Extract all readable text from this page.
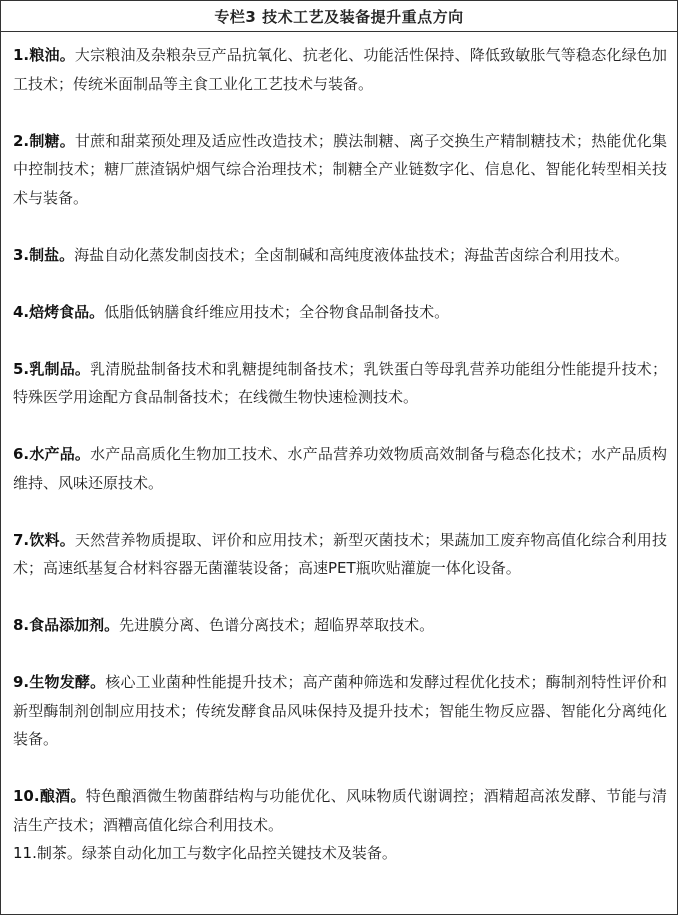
专栏3 技术工艺及装备提升重点方向

1.粮油。大宗粮油及杂粮杂豆产品抗氧化、抗老化、功能活性保持、降低致敏胀气等稳态化绿色加工技术；传统米面制品等主食工业化工艺技术与装备。

2.制糖。甘蔗和甜菜预处理及适应性改造技术；膜法制糖、离子交换生产精制糖技术；热能优化集中控制技术；糖厂蔗渣锅炉烟气综合治理技术；制糖全产业链数字化、信息化、智能化转型相关技术与装备。

3.制盐。海盐自动化蒸发制卤技术；全卤制碱和高纯度液体盐技术；海盐苦卤综合利用技术。

4.焙烤食品。低脂低钠膳食纤维应用技术；全谷物食品制备技术。

5.乳制品。乳清脱盐制备技术和乳糖提纯制备技术；乳铁蛋白等母乳营养功能组分性能提升技术；特殊医学用途配方食品制备技术；在线微生物快速检测技术。

6.水产品。水产品高质化生物加工技术、水产品营养功效物质高效制备与稳态化技术；水产品质构维持、风味还原技术。

7.饮料。天然营养物质提取、评价和应用技术；新型灭菌技术；果蔬加工废弃物高值化综合利用技术；高速纸基复合材料容器无菌灌装设备；高速PET瓶吹贴灌旋一体化设备。

8.食品添加剂。先进膜分离、色谱分离技术；超临界萃取技术。

9.生物发酵。核心工业菌种性能提升技术；高产菌种筛选和发酵过程优化技术；酶制剂特性评价和新型酶制剂创制应用技术；传统发酵食品风味保持及提升技术；智能生物反应器、智能化分离纯化装备。

10.酿酒。特色酿酒微生物菌群结构与功能优化、风味物质代谢调控；酒精超高浓发酵、节能与清洁生产技术；酒糟高值化综合利用技术。

11.制茶。绿茶自动化加工与数字化品控关键技术及装备。
